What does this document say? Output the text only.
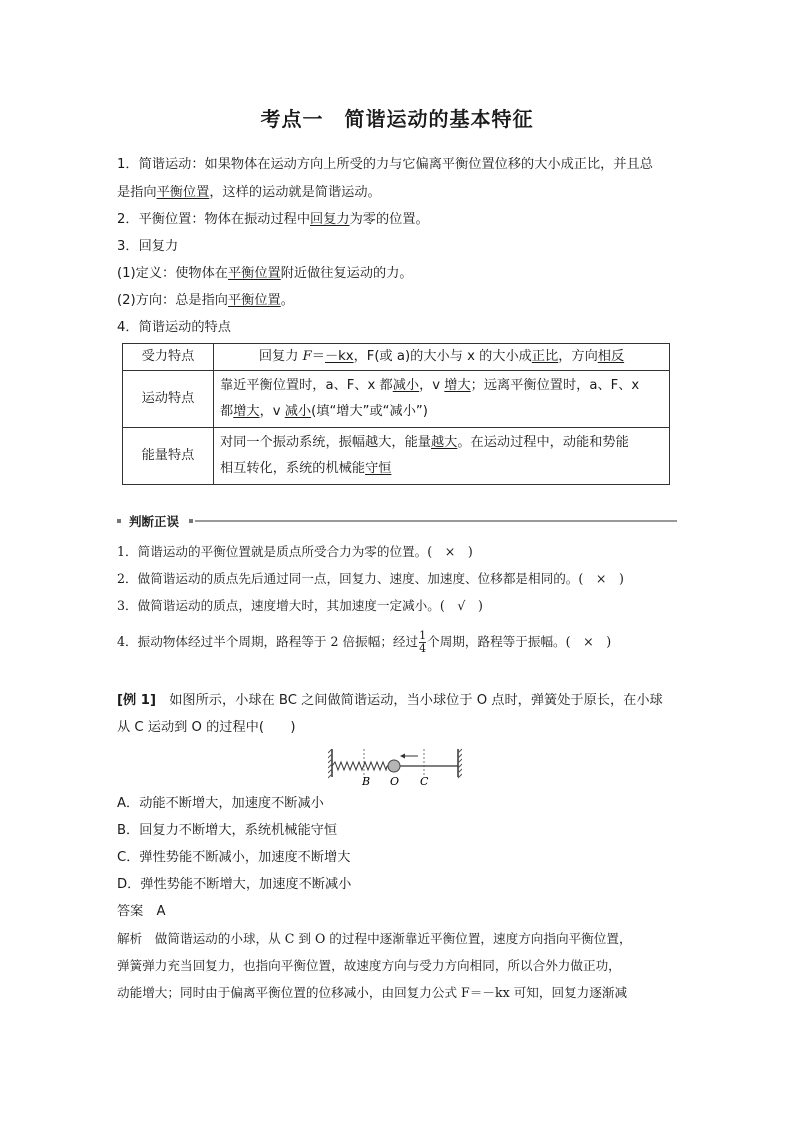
考点一　简谐运动的基本特征
1．简谐运动：如果物体在运动方向上所受的力与它偏离平衡位置位移的大小成正比，并且总
是指向平衡位置，这样的运动就是简谐运动。
2．平衡位置：物体在振动过程中回复力为零的位置。
3．回复力
(1)定义：使物体在平衡位置附近做往复运动的力。
(2)方向：总是指向平衡位置。
4．简谐运动的特点
受力特点	回复力 F＝－kx，F(或 a)的大小与 x 的大小成正比，方向相反
运动特点	靠近平衡位置时，a、F、x 都减小，v 增大；远离平衡位置时，a、F、x
都增大，v 减小(填“增大”或“减小”)
能量特点	对同一个振动系统，振幅越大，能量越大。在运动过程中，动能和势能
相互转化，系统的机械能守恒
判断正误
1．简谐运动的平衡位置就是质点所受合力为零的位置。(　×　)
2．做简谐运动的质点先后通过同一点，回复力、速度、加速度、位移都是相同的。(　×　)
3．做简谐运动的质点，速度增大时，其加速度一定减小。(　√　)
4．振动物体经过半个周期，路程等于 2 倍振幅；经过 $\frac{1}{4}$ 个周期，路程等于振幅。(　×　)
[例 1]　如图所示，小球在 BC 之间做简谐运动，当小球位于 O 点时，弹簧处于原长，在小球
从 C 运动到 O 的过程中(　　)
B O C
A．动能不断增大，加速度不断减小
B．回复力不断增大，系统机械能守恒
C．弹性势能不断减小，加速度不断增大
D．弹性势能不断增大，加速度不断减小
答案　A
解析　做简谐运动的小球，从 C 到 O 的过程中逐渐靠近平衡位置，速度方向指向平衡位置，
弹簧弹力充当回复力，也指向平衡位置，故速度方向与受力方向相同，所以合外力做正功，
动能增大；同时由于偏离平衡位置的位移减小，由回复力公式 F＝－kx 可知，回复力逐渐减
